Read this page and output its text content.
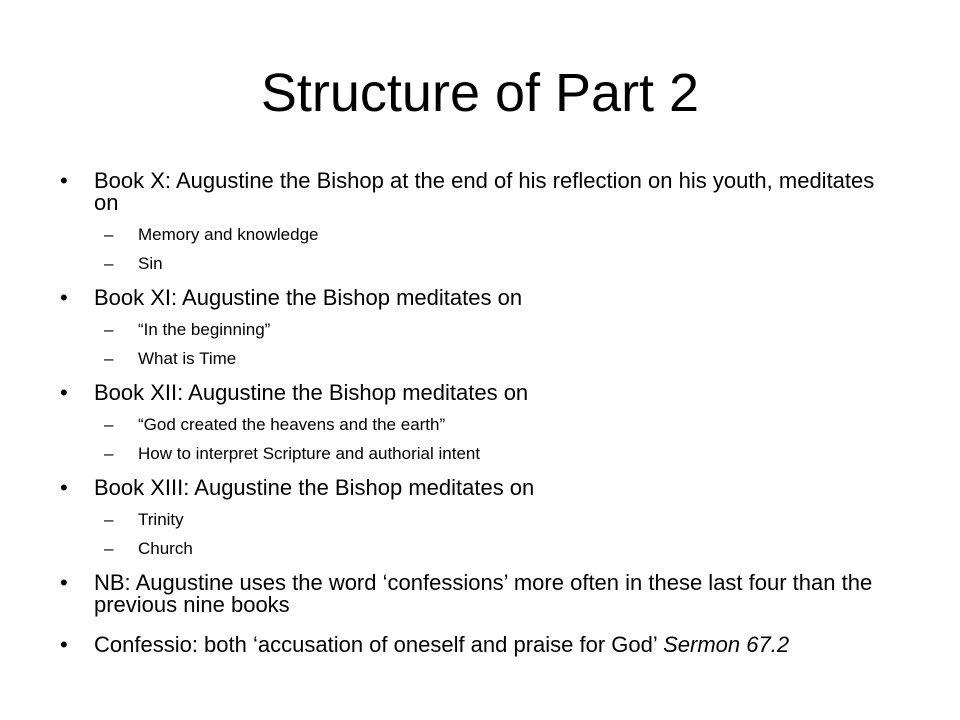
Structure of Part 2
• Book X: Augustine the Bishop at the end of his reflection on his youth, meditates on
– Memory and knowledge
– Sin
• Book XI: Augustine the Bishop meditates on
– “In the beginning”
– What is Time
• Book XII: Augustine the Bishop meditates on
– “God created the heavens and the earth”
– How to interpret Scripture and authorial intent
• Book XIII: Augustine the Bishop meditates on
– Trinity
– Church
• NB: Augustine uses the word ‘confessions’ more often in these last four than the previous nine books
• Confessio: both ‘accusation of oneself and praise for God’ Sermon 67.2
